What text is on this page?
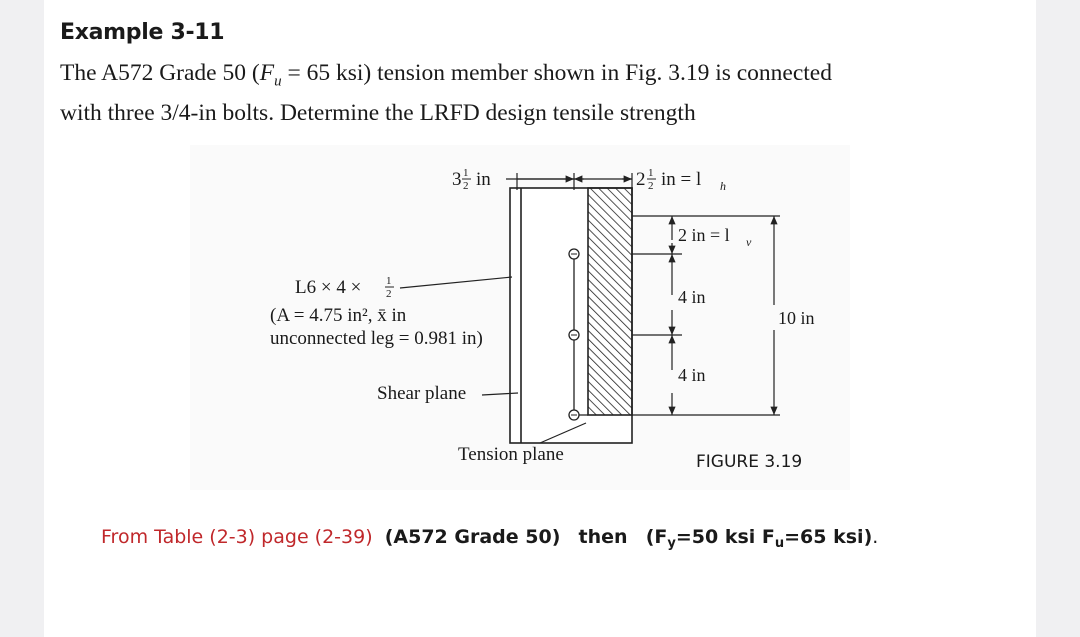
Example 3-11
The A572 Grade 50 ($F_u = 65$ ksi) tension member shown in Fig. 3.19 is connected
with three 3/4-in bolts. Determine the LRFD design tensile strength
3 1
2 in	2 1
2 in = l h
2 in = l v
4 in
4 in
10 in
L6 × 4 × 1
2
(A = 4.75 in², x̄ in
unconnected leg = 0.981 in)
Shear plane
Tension plane	FIGURE 3.19
From Table (2-3) page (2-39) (A572 Grade 50) then ($F_y=50$ ksi $F_u=65$ ksi).
